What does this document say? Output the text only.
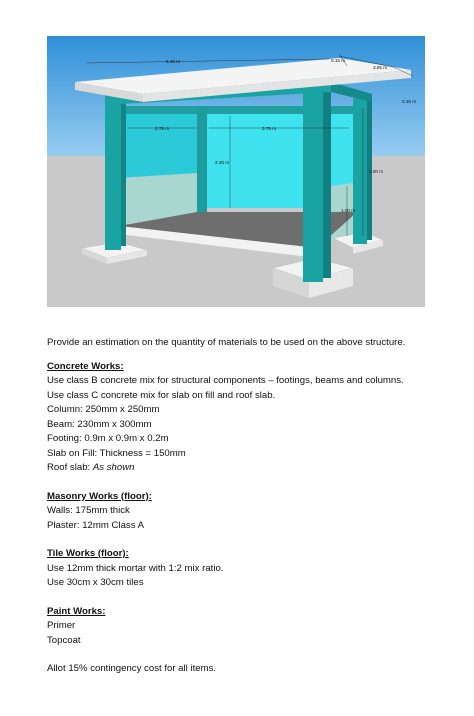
5.45 m
3.85 m
0.15 m
0.15 m
2.75 m	3.75 m
2.25 m
3.00 m
1.00 m

Provide an estimation on the quantity of materials to be used on the above structure.

Concrete Works:

Use class B concrete mix for structural components – footings, beams and columns.

Use class C concrete mix for slab on fill and roof slab.

Column: 250mm x 250mm

Beam: 230mm x 300mm

Footing: 0.9m x 0.9m x 0.2m

Slab on Fill: Thickness = 150mm

Roof slab: As shown

Masonry Works (floor):

Walls: 175mm thick

Plaster: 12mm Class A

Tile Works (floor):

Use 12mm thick mortar with 1:2 mix ratio.

Use 30cm x 30cm tiles

Paint Works:

Primer

Topcoat

Allot 15% contingency cost for all items.
